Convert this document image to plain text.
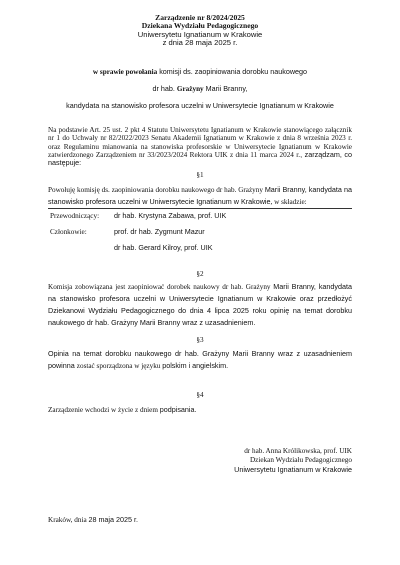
Zarządzenie nr 8/2024/2025
Dziekana Wydziału Pedagogicznego
Uniwersytetu Ignatianum w Krakowie
z dnia 28 maja 2025 r.
w sprawie powołania komisji ds. zaopiniowania dorobku naukowego
dr hab. Grażyny Marii Branny,
kandydata na stanowisko profesora uczelni w Uniwersytecie Ignatianum w Krakowie
Na podstawie Art. 25 ust. 2 pkt 4 Statutu Uniwersytetu Ignatianum w Krakowie stanowiącego załącznik nr 1 do Uchwały nr 82/2022/2023 Senatu Akademii Ignatianum w Krakowie z dnia 8 września 2023 r. oraz Regulaminu mianowania na stanowiska profesorskie w Uniwersytecie Ignatianum w Krakowie zatwierdzonego Zarządzeniem nr 33/2023/2024 Rektora UIK z dnia 11 marca 2024 r., zarządzam, co następuje:
§1
Powołuję komisję ds. zaopiniowania dorobku naukowego dr hab. Grażyny Marii Branny, kandydata na stanowisko profesora uczelni w Uniwersytecie Ignatianum w Krakowie, w składzie:
Przewodniczący: dr hab. Krystyna Zabawa, prof. UIK
Członkowie:	prof. dr hab. Zygmunt Mazur
dr hab. Gerard Kilroy, prof. UIK
§2
Komisja zobowiązana jest zaopiniować dorobek naukowy dr hab. Grażyny Marii Branny, kandydata na stanowisko profesora uczelni w Uniwersytecie Ignatianum w Krakowie oraz przedłożyć Dziekanowi Wydziału Pedagogicznego do dnia 4 lipca 2025 roku opinię na temat dorobku naukowego dr hab. Grażyny Marii Branny wraz z uzasadnieniem.
§3
Opinia na temat dorobku naukowego dr hab. Grażyny Marii Branny wraz z uzasadnieniem powinna zostać sporządzona w języku polskim i angielskim.
§4
Zarządzenie wchodzi w życie z dniem podpisania.
dr hab. Anna Królikowska, prof. UIK
Dziekan Wydziału Pedagogicznego
Uniwersytetu Ignatianum w Krakowie
Kraków, dnia 28 maja 2025 r.
